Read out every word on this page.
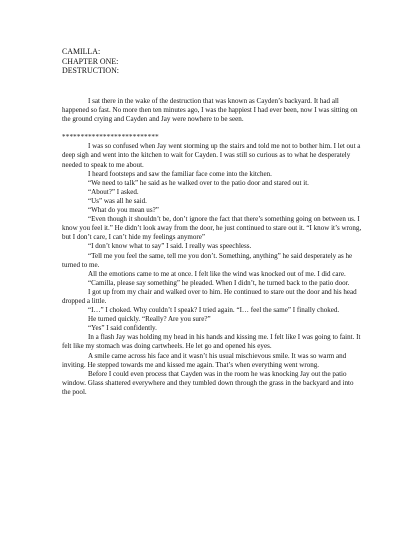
CAMILLA:
CHAPTER ONE:
DESTRUCTION:

I sat there in the wake of the destruction that was known as Cayden’s backyard. It had all happened so fast. No more then ten minutes ago, I was the happiest I had ever been, now I was sitting on the ground crying and Cayden and Jay were nowhere to be seen.

**************************

I was so confused when Jay went storming up the stairs and told me not to bother him. I let out a deep sigh and went into the kitchen to wait for Cayden. I was still so curious as to what he desperately needed to speak to me about.

I heard footsteps and saw the familiar face come into the kitchen.

“We need to talk” he said as he walked over to the patio door and stared out it.

“About?” I asked.

“Us” was all he said.

“What do you mean us?”

“Even though it shouldn’t be, don’t ignore the fact that there’s something going on between us. I know you feel it.” He didn’t look away from the door, he just continued to stare out it. “I know it’s wrong, but I don’t care, I can’t hide my feelings anymore”

“I don’t know what to say” I said. I really was speechless.

“Tell me you feel the same, tell me you don’t. Something, anything” he said desperately as he turned to me.

All the emotions came to me at once. I felt like the wind was knocked out of me. I did care.

“Camilla, please say something” he pleaded. When I didn’t, he turned back to the patio door.

I got up from my chair and walked over to him. He continued to stare out the door and his head dropped a little.

“I…” I choked. Why couldn’t I speak? I tried again. “I… feel the same” I finally choked.

He turned quickly. “Really? Are you sure?”

“Yes” I said confidently.

In a flash Jay was holding my head in his hands and kissing me. I felt like I was going to faint. It felt like my stomach was doing cartwheels. He let go and opened his eyes.

A smile came across his face and it wasn’t his usual mischievous smile. It was so warm and inviting. He stepped towards me and kissed me again. That’s when everything went wrong.

Before I could even process that Cayden was in the room he was knocking Jay out the patio window. Glass shattered everywhere and they tumbled down through the grass in the backyard and into the pool.
